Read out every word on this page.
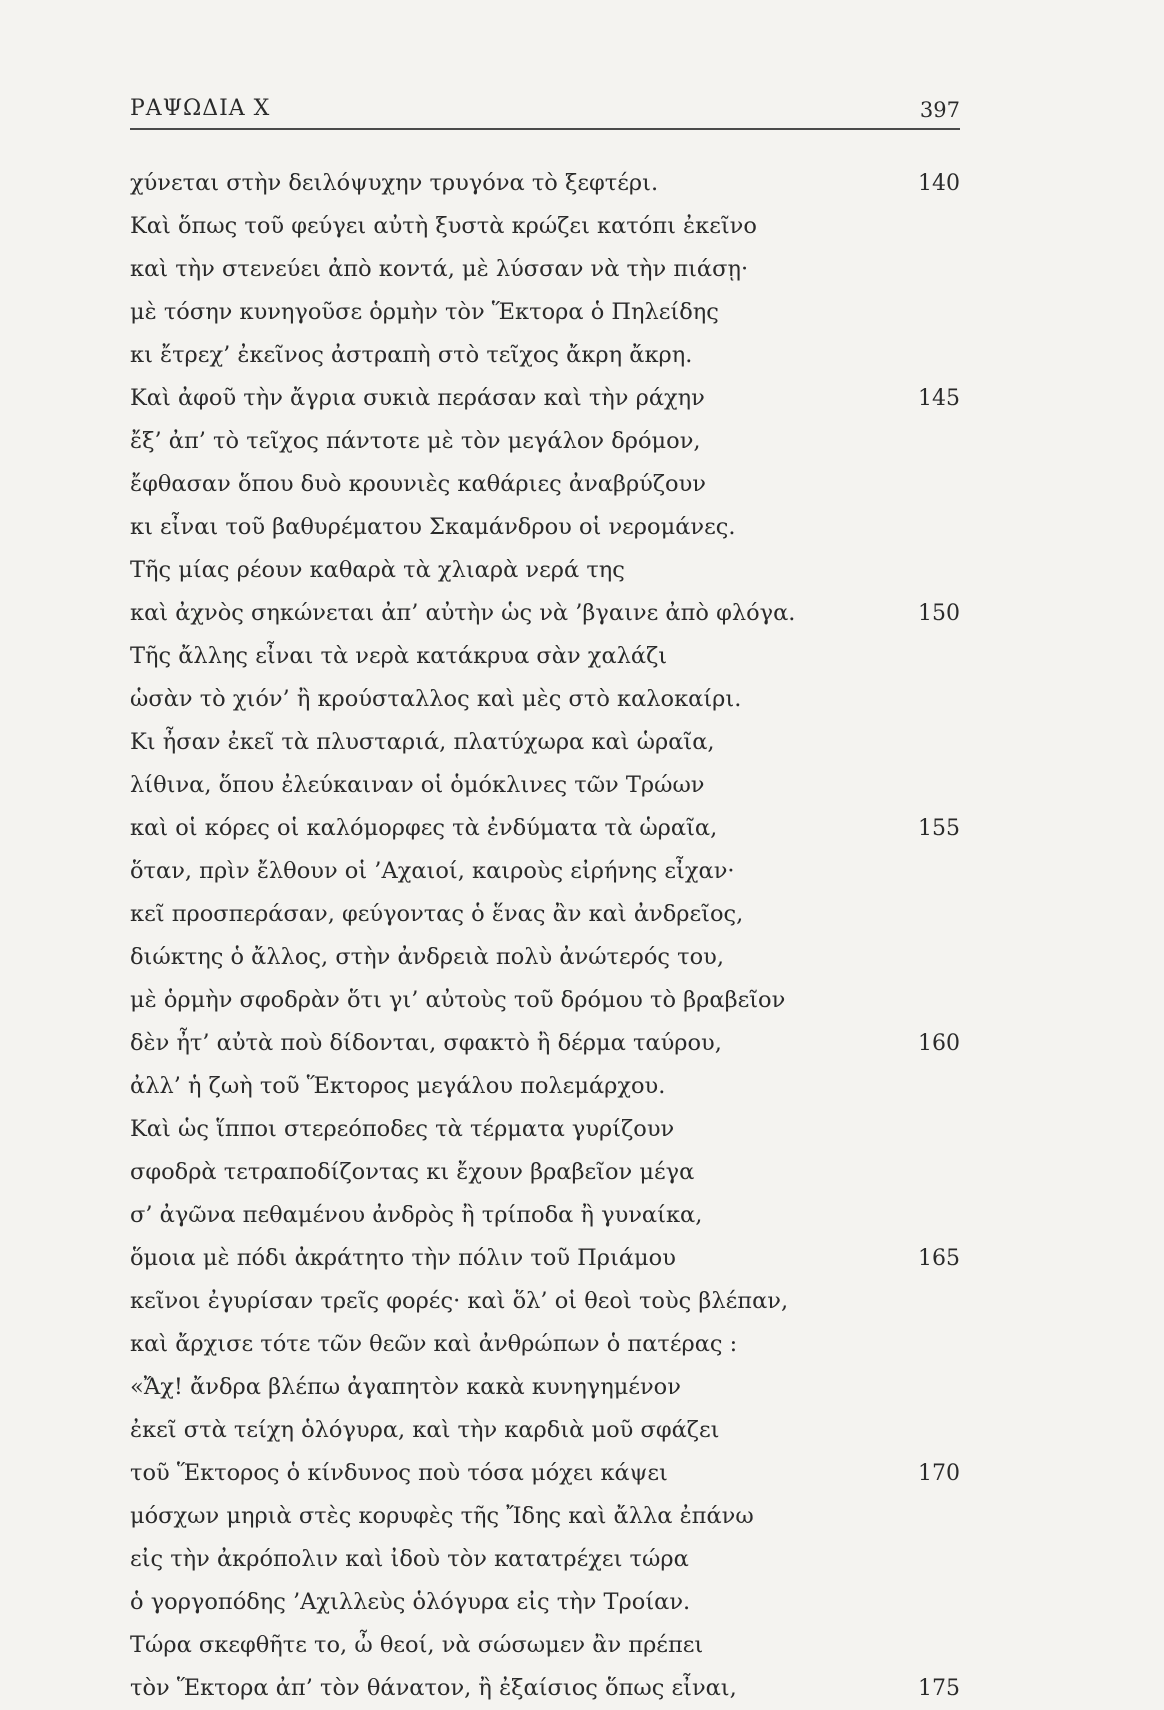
ΡΑΨΩΔΙΑ Χ	397
χύνεται στὴν δειλόψυχην τρυγόνα τὸ ξεφτέρι.	140
Καὶ ὅπως τοῦ φεύγει αὐτὴ ξυστὰ κρώζει κατόπι ἐκεῖνο
καὶ τὴν στενεύει ἀπὸ κοντά, μὲ λύσσαν νὰ τὴν πιάσῃ·
μὲ τόσην κυνηγοῦσε ὁρμὴν τὸν Ἕκτορα ὁ Πηλείδης
κι ἔτρεχ’ ἐκεῖνος ἀστραπὴ στὸ τεῖχος ἄκρη ἄκρη.
Καὶ ἀφοῦ τὴν ἄγρια συκιὰ περάσαν καὶ τὴν ράχην	145
ἔξ’ ἀπ’ τὸ τεῖχος πάντοτε μὲ τὸν μεγάλον δρόμον,
ἔφθασαν ὅπου δυὸ κρουνιὲς καθάριες ἀναβρύζουν
κι εἶναι τοῦ βαθυρέματου Σκαμάνδρου οἱ νερομάνες.
Τῆς μίας ρέουν καθαρὰ τὰ χλιαρὰ νερά της
καὶ ἀχνὸς σηκώνεται ἀπ’ αὐτὴν ὡς νὰ ’βγαινε ἀπὸ φλόγα.	150
Τῆς ἄλλης εἶναι τὰ νερὰ κατάκρυα σὰν χαλάζι
ὡσὰν τὸ χιόν’ ἢ κρούσταλλος καὶ μὲς στὸ καλοκαίρι.
Κι ἦσαν ἐκεῖ τὰ πλυσταριά, πλατύχωρα καὶ ὡραῖα,
λίθινα, ὅπου ἐλεύκαιναν οἱ ὁμόκλινες τῶν Τρώων
καὶ οἱ κόρες οἱ καλόμορφες τὰ ἐνδύματα τὰ ὡραῖα,	155
ὅταν, πρὶν ἔλθουν οἱ ’Αχαιοί, καιροὺς εἰρήνης εἶχαν·
κεῖ προσπεράσαν, φεύγοντας ὁ ἕνας ἂν καὶ ἀνδρεῖος,
διώκτης ὁ ἄλλος, στὴν ἀνδρειὰ πολὺ ἀνώτερός του,
μὲ ὁρμὴν σφοδρὰν ὅτι γι’ αὐτοὺς τοῦ δρόμου τὸ βραβεῖον
δὲν ἦτ’ αὐτὰ ποὺ δίδονται, σφακτὸ ἢ δέρμα ταύρου,	160
ἀλλ’ ἡ ζωὴ τοῦ Ἕκτορος μεγάλου πολεμάρχου.
Καὶ ὡς ἵπποι στερεόποδες τὰ τέρματα γυρίζουν
σφοδρὰ τετραποδίζοντας κι ἔχουν βραβεῖον μέγα
σ’ ἀγῶνα πεθαμένου ἀνδρὸς ἢ τρίποδα ἢ γυναίκα,
ὅμοια μὲ πόδι ἀκράτητο τὴν πόλιν τοῦ Πριάμου	165
κεῖνοι ἐγυρίσαν τρεῖς φορές· καὶ ὅλ’ οἱ θεοὶ τοὺς βλέπαν,
καὶ ἄρχισε τότε τῶν θεῶν καὶ ἀνθρώπων ὁ πατέρας :
«Ἄχ! ἄνδρα βλέπω ἀγαπητὸν κακὰ κυνηγημένον
ἐκεῖ στὰ τείχη ὁλόγυρα, καὶ τὴν καρδιὰ μοῦ σφάζει
τοῦ Ἕκτορος ὁ κίνδυνος ποὺ τόσα μόχει κάψει	170
μόσχων μηριὰ στὲς κορυφὲς τῆς Ἴδης καὶ ἄλλα ἐπάνω
εἰς τὴν ἀκρόπολιν καὶ ἰδοὺ τὸν κατατρέχει τώρα
ὁ γοργοπόδης ’Αχιλλεὺς ὁλόγυρα εἰς τὴν Τροίαν.
Τώρα σκεφθῆτε το, ὦ θεοί, νὰ σώσωμεν ἂν πρέπει
τὸν Ἕκτορα ἀπ’ τὸν θάνατον, ἢ ἐξαίσιος ὅπως εἶναι,	175
